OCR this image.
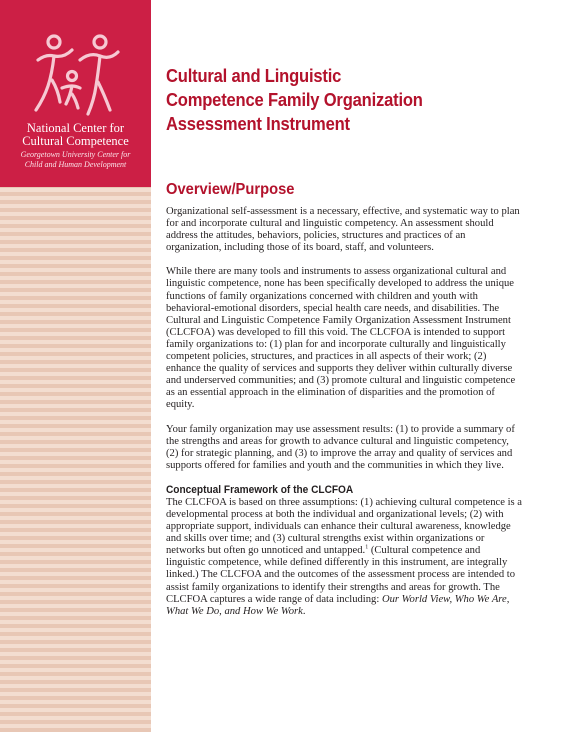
National Center for
Cultural Competence
Georgetown University Center for
Child and Human Development
Cultural and Linguistic
Competence Family Organization
Assessment Instrument
Overview/Purpose

Organizational self-assessment is a necessary, effective, and systematic way to plan for and incorporate cultural and linguistic competency. An assessment should address the attitudes, behaviors, policies, structures and practices of an organization, including those of its board, staff, and volunteers.

While there are many tools and instruments to assess organizational cultural and linguistic competence, none has been specifically developed to address the unique functions of family organizations concerned with children and youth with behavioral-emotional disorders, special health care needs, and disabilities. The Cultural and Linguistic Competence Family Organization Assessment Instrument (CLCFOA) was developed to fill this void. The CLCFOA is intended to support family organizations to: (1) plan for and incorporate culturally and linguistically competent policies, structures, and practices in all aspects of their work; (2) enhance the quality of services and supports they deliver within culturally diverse and underserved communities; and (3) promote cultural and linguistic competence as an essential approach in the elimination of disparities and the promotion of equity.

Your family organization may use assessment results: (1) to provide a summary of the strengths and areas for growth to advance cultural and linguistic competency, (2) for strategic planning, and (3) to improve the array and quality of services and supports offered for families and youth and the communities in which they live.

Conceptual Framework of the CLCFOA

The CLCFOA is based on three assumptions: (1) achieving cultural competence is a developmental process at both the individual and organizational levels; (2) with appropriate support, individuals can enhance their cultural awareness, knowledge and skills over time; and (3) cultural strengths exist within organizations or networks but often go unnoticed and untapped.$^1$ (Cultural competence and linguistic competence, while defined differently in this instrument, are integrally linked.) The CLCFOA and the outcomes of the assessment process are intended to assist family organizations to identify their strengths and areas for growth. The CLCFOA captures a wide range of data including: Our World View, Who We Are, What We Do, and How We Work.
